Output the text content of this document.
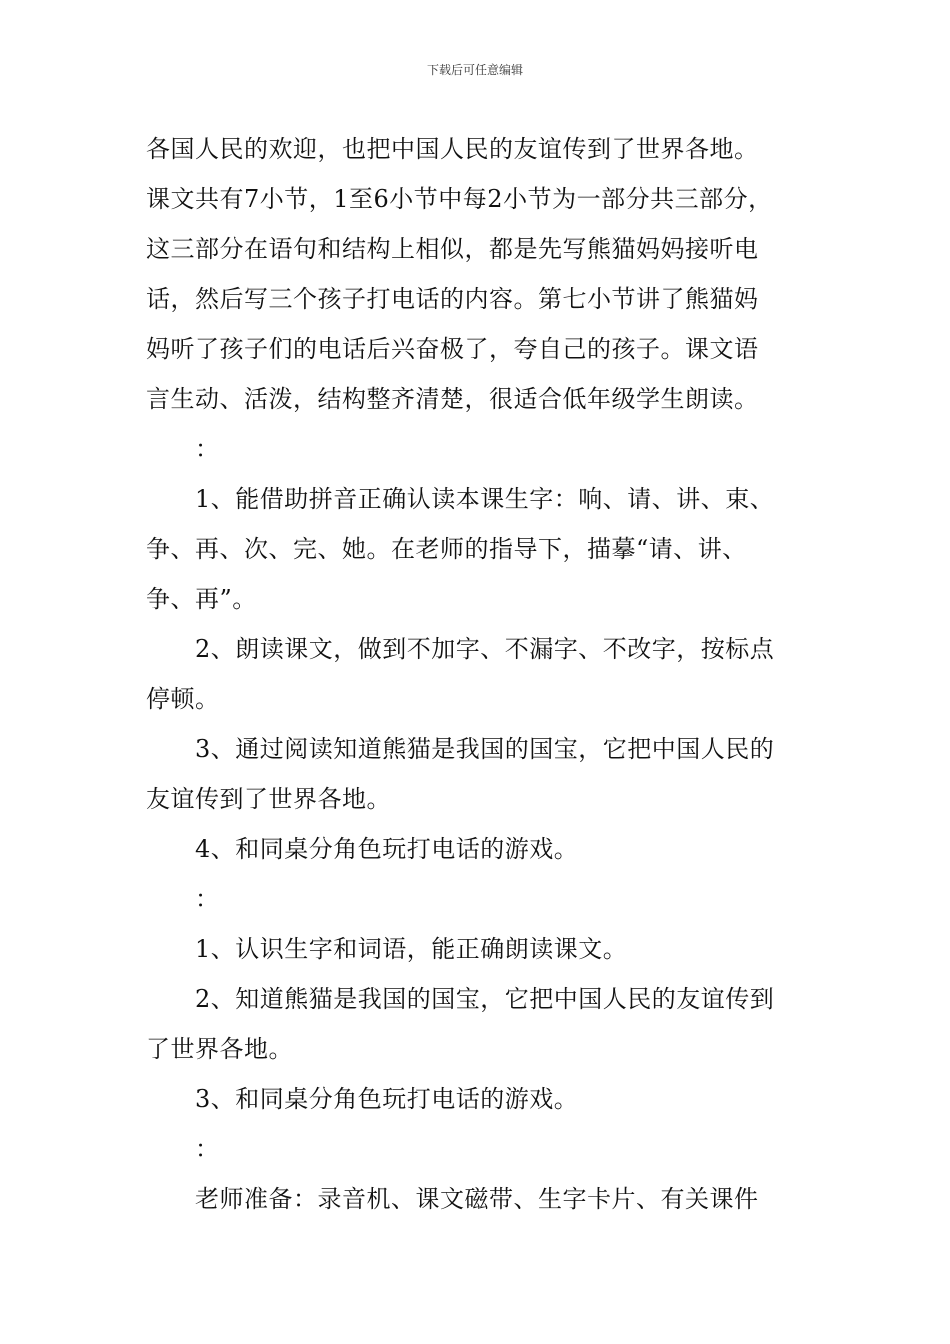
下载后可任意编辑

各国人民的欢迎，也把中国人民的友谊传到了世界各地。

课文共有7小节，1至6小节中每2小节为一部分共三部分，

这三部分在语句和结构上相似，都是先写熊猫妈妈接听电

话，然后写三个孩子打电话的内容。第七小节讲了熊猫妈

妈听了孩子们的电话后兴奋极了，夸自己的孩子。课文语

言生动、活泼，结构整齐清楚，很适合低年级学生朗读。

：

1、能借助拼音正确认读本课生字：响、请、讲、束、

争、再、次、完、她。在老师的指导下，描摹“请、讲、

争、再”。

2、朗读课文，做到不加字、不漏字、不改字，按标点

停顿。

3、通过阅读知道熊猫是我国的国宝，它把中国人民的

友谊传到了世界各地。

4、和同桌分角色玩打电话的游戏。

：

1、认识生字和词语，能正确朗读课文。

2、知道熊猫是我国的国宝，它把中国人民的友谊传到

了世界各地。

3、和同桌分角色玩打电话的游戏。

：

老师准备：录音机、课文磁带、生字卡片、有关课件
